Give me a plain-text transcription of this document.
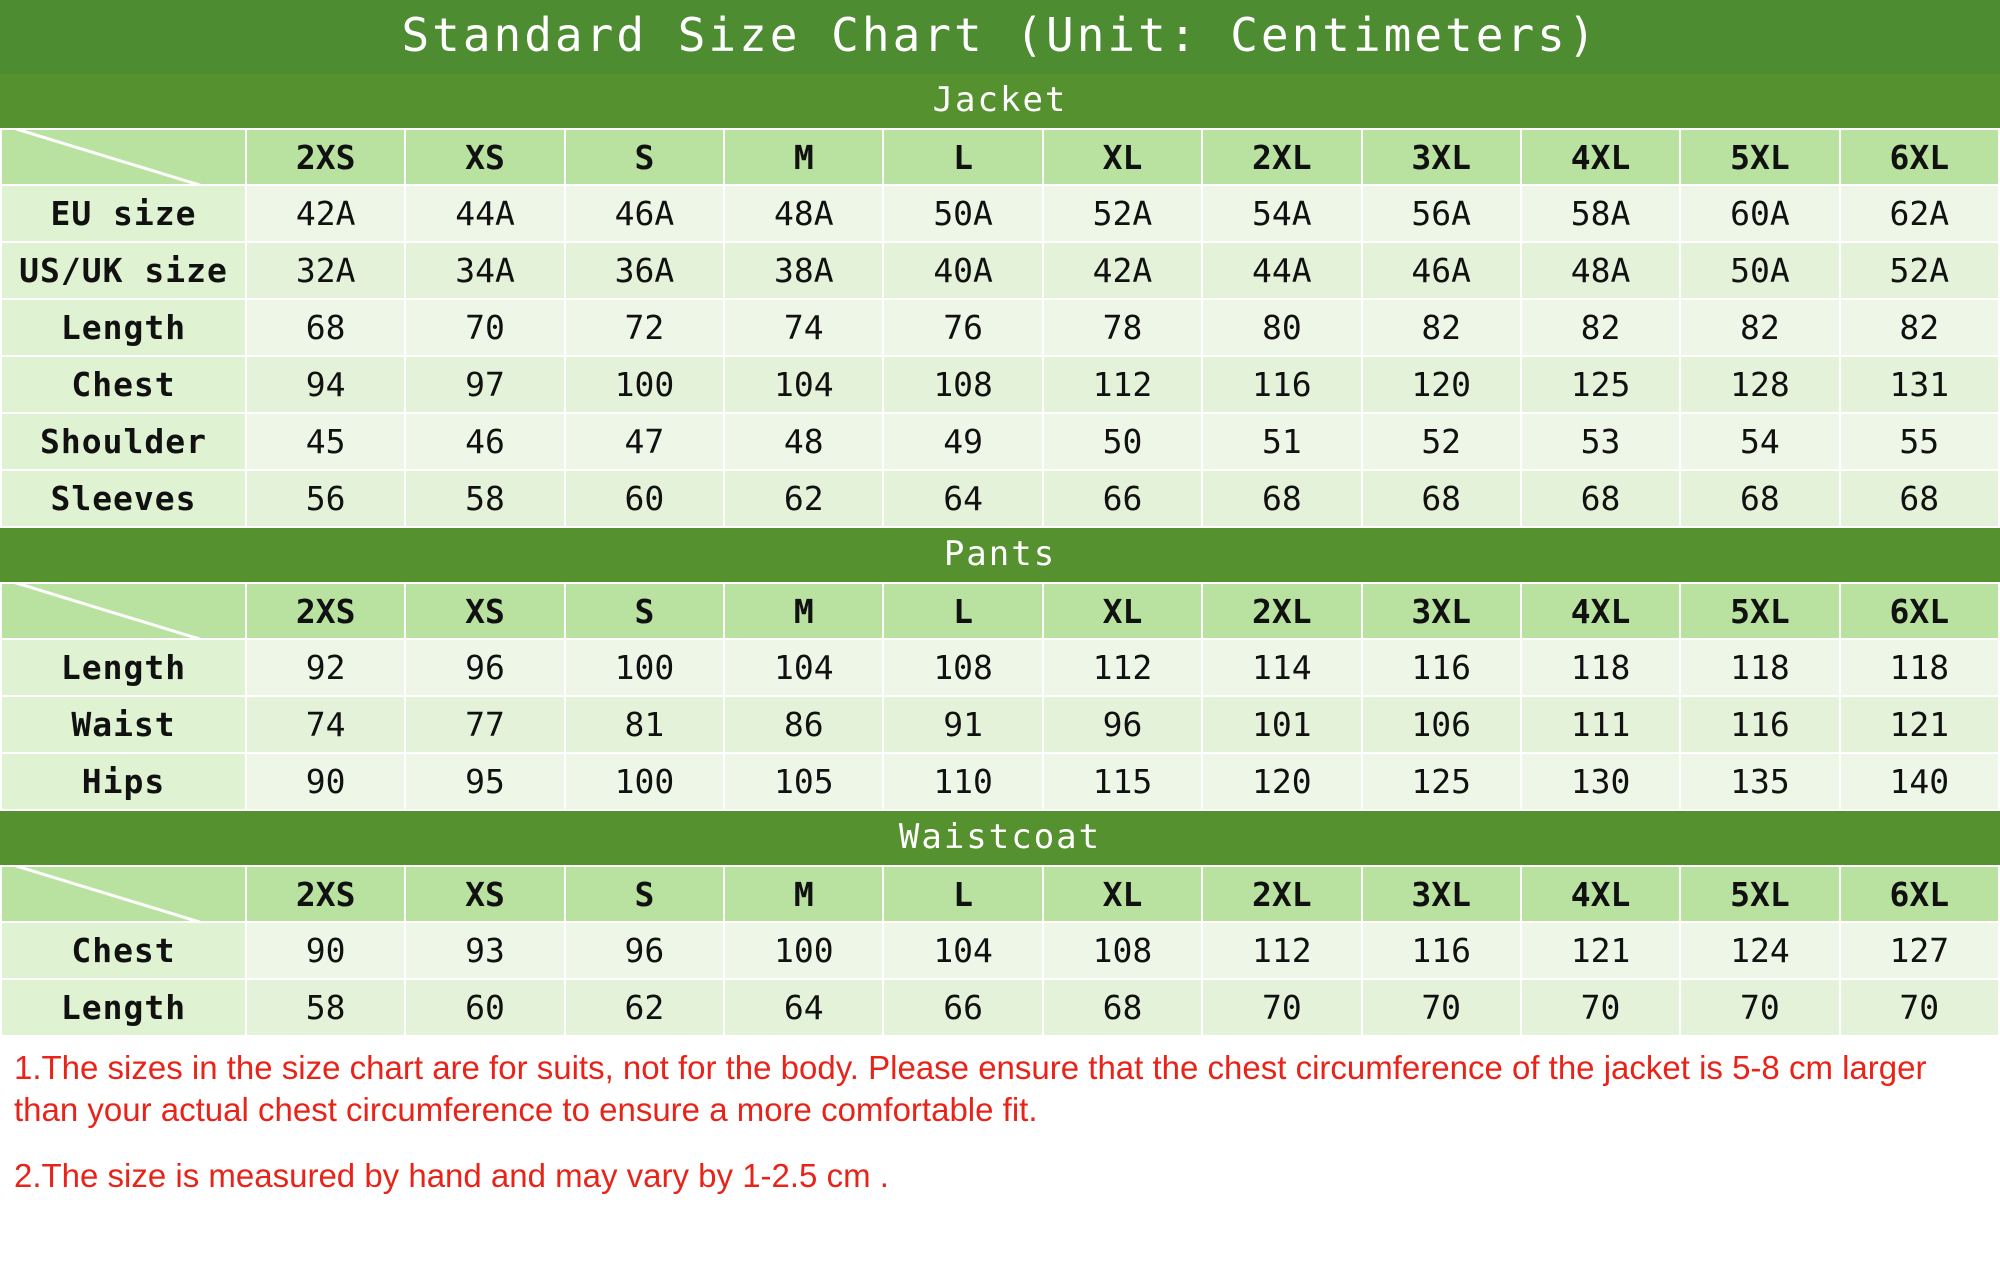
Standard Size Chart (Unit: Centimeters)
Jacket
	2XS	XS	S	M	L	XL	2XL	3XL	4XL	5XL	6XL
EU size	42A	44A	46A	48A	50A	52A	54A	56A	58A	60A	62A
US/UK size	32A	34A	36A	38A	40A	42A	44A	46A	48A	50A	52A
Length	68	70	72	74	76	78	80	82	82	82	82
Chest	94	97	100	104	108	112	116	120	125	128	131
Shoulder	45	46	47	48	49	50	51	52	53	54	55
Sleeves	56	58	60	62	64	66	68	68	68	68	68
Pants
	2XS	XS	S	M	L	XL	2XL	3XL	4XL	5XL	6XL
Length	92	96	100	104	108	112	114	116	118	118	118
Waist	74	77	81	86	91	96	101	106	111	116	121
Hips	90	95	100	105	110	115	120	125	130	135	140
Waistcoat
	2XS	XS	S	M	L	XL	2XL	3XL	4XL	5XL	6XL
Chest	90	93	96	100	104	108	112	116	121	124	127
Length	58	60	62	64	66	68	70	70	70	70	70

1.The sizes in the size chart are for suits, not for the body. Please ensure that the chest circumference of the jacket is 5-8 cm larger than your actual chest circumference to ensure a more comfortable fit.

2.The size is measured by hand and may vary by 1-2.5 cm .
